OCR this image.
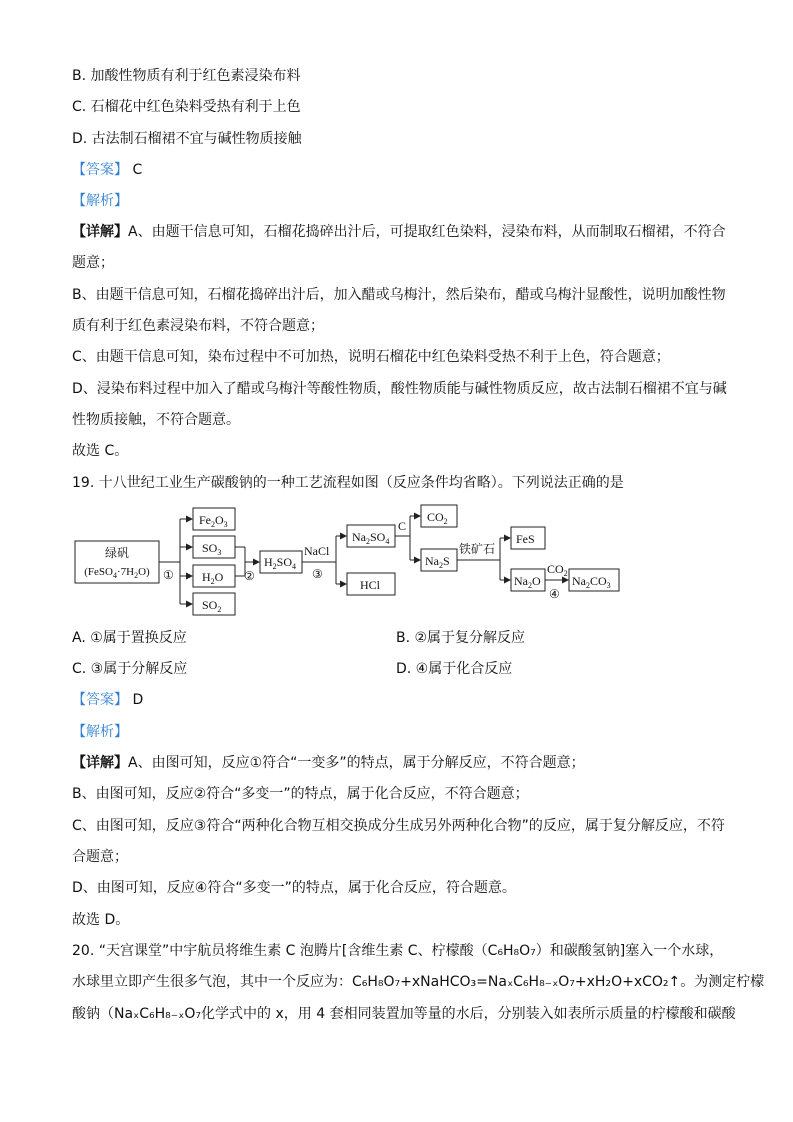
B. 加酸性物质有利于红色素浸染布料
C. 石榴花中红色染料受热有利于上色
D. 古法制石榴裙不宜与碱性物质接触
【答案】 C
【解析】
【详解】A、由题干信息可知，石榴花捣碎出汁后，可提取红色染料，浸染布料，从而制取石榴裙，不符合
题意；
B、由题干信息可知，石榴花捣碎出汁后，加入醋或乌梅汁，然后染布，醋或乌梅汁显酸性，说明加酸性物
质有利于红色素浸染布料，不符合题意；
C、由题干信息可知，染布过程中不可加热，说明石榴花中红色染料受热不利于上色，符合题意；
D、浸染布料过程中加入了醋或乌梅汁等酸性物质，酸性物质能与碱性物质反应，故古法制石榴裙不宜与碱
性物质接触，不符合题意。
故选 C。
19. 十八世纪工业生产碳酸钠的一种工艺流程如图（反应条件均省略）。下列说法正确的是
绿矾
$(FeSO_4\cdot 7H_2O)$ ①
$Fe_2O_3$
$SO_3$
$H_2O$
$SO_2$
②
$H_2SO_4$
NaCl
③
$Na_2SO_4$
HCl
C
$CO_2$
$Na_2S$
铁矿石
FeS
$Na_2O$
$CO_2$
④
$Na_2CO_3$
A. ①属于置换反应	B. ②属于复分解反应
C. ③属于分解反应	D. ④属于化合反应
【答案】 D
【解析】
【详解】A、由图可知，反应①符合“一变多”的特点，属于分解反应，不符合题意；
B、由图可知，反应②符合“多变一”的特点，属于化合反应，不符合题意；
C、由图可知，反应③符合“两种化合物互相交换成分生成另外两种化合物”的反应，属于复分解反应，不符
合题意；
D、由图可知，反应④符合“多变一”的特点，属于化合反应，符合题意。
故选 D。
20. “天宫课堂”中宇航员将维生素 C 泡腾片[含维生素 C、柠檬酸（C₆H₈O₇）和碳酸氢钠]塞入一个水球，
水球里立即产生很多气泡，其中一个反应为：C₆H₈O₇+xNaHCO₃=NaₓC₆H₈₋ₓO₇+xH₂O+xCO₂↑。为测定柠檬
酸钠（NaₓC₆H₈₋ₓO₇化学式中的 x，用 4 套相同装置加等量的水后，分别装入如表所示质量的柠檬酸和碳酸
